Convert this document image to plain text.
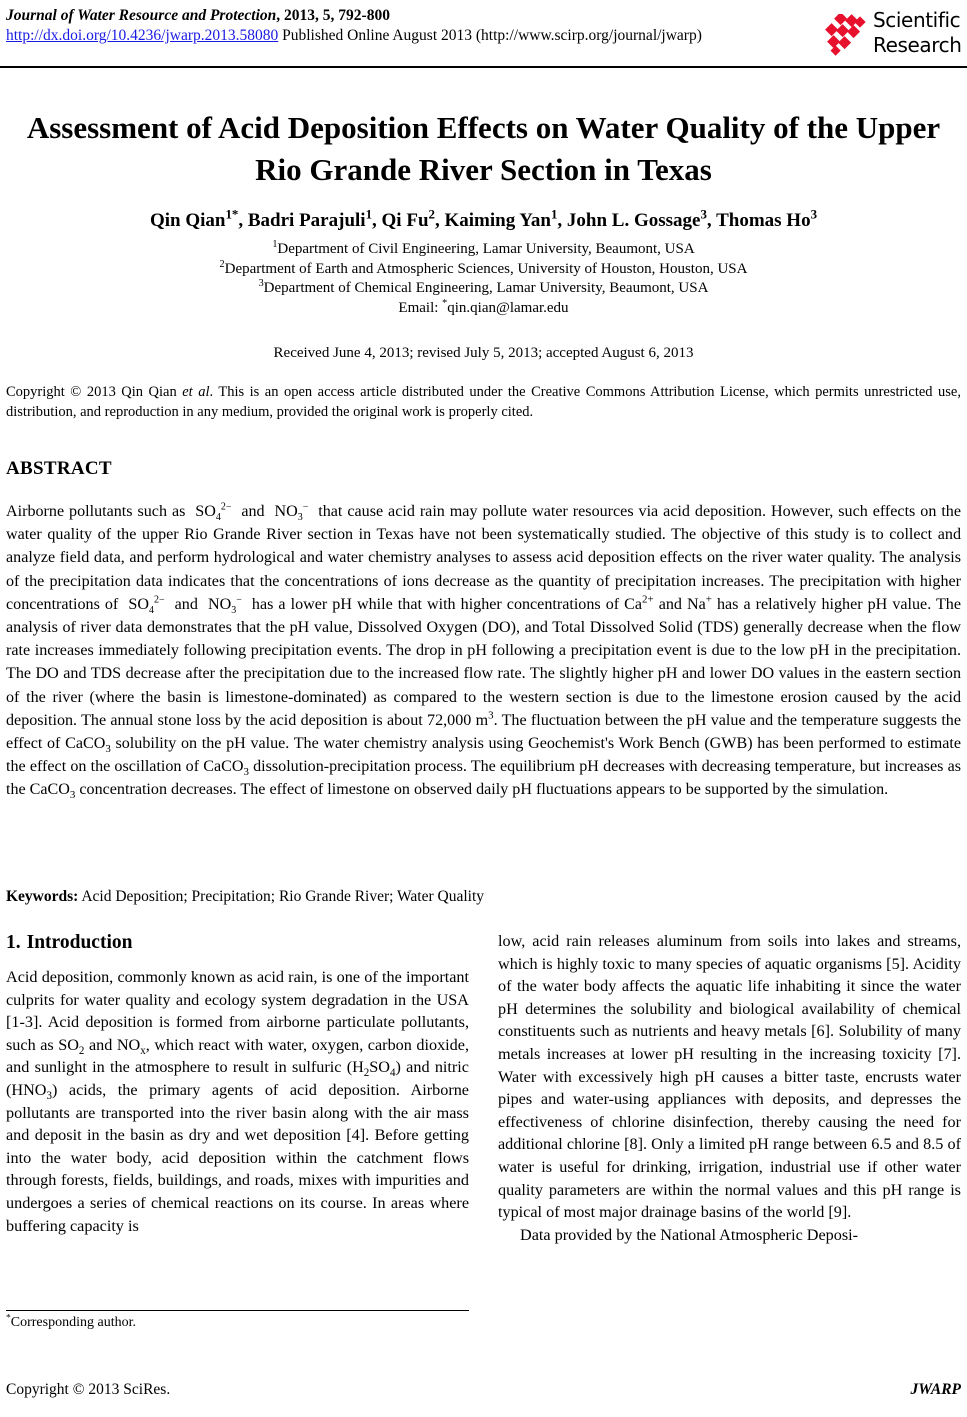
Journal of Water Resource and Protection, 2013, 5, 792-800
http://dx.doi.org/10.4236/jwarp.2013.58080 Published Online August 2013 (http://www.scirp.org/journal/jwarp)
Scientific
Research
Assessment of Acid Deposition Effects on Water Quality of the Upper Rio Grande River Section in Texas
Qin Qian$^{1*}$, Badri Parajuli$^1$, Qi Fu$^2$, Kaiming Yan$^1$, John L. Gossage$^3$, Thomas Ho$^3$
$^1$Department of Civil Engineering, Lamar University, Beaumont, USA
$^2$Department of Earth and Atmospheric Sciences, University of Houston, Houston, USA
$^3$Department of Chemical Engineering, Lamar University, Beaumont, USA
Email: *qin.qian@lamar.edu
Received June 4, 2013; revised July 5, 2013; accepted August 6, 2013
Copyright © 2013 Qin Qian et al. This is an open access article distributed under the Creative Commons Attribution License, which permits unrestricted use, distribution, and reproduction in any medium, provided the original work is properly cited.
ABSTRACT

Airborne pollutants such as  $SO_4^{2-}$  and  $NO_3^-$  that cause acid rain may pollute water resources via acid deposition. However, such effects on the water quality of the upper Rio Grande River section in Texas have not been systematically studied. The objective of this study is to collect and analyze field data, and perform hydrological and water chemistry analyses to assess acid deposition effects on the river water quality. The analysis of the precipitation data indicates that the concentrations of ions decrease as the quantity of precipitation increases. The precipitation with higher concentrations of  $SO_4^{2-}$  and  $NO_3^-$  has a lower pH while that with higher concentrations of $Ca^{2+}$ and Na+ has a relatively higher pH value. The analysis of river data demonstrates that the pH value, Dissolved Oxygen (DO), and Total Dissolved Solid (TDS) generally decrease when the flow rate increases immediately following precipitation events. The drop in pH following a precipitation event is due to the low pH in the precipitation. The DO and TDS decrease after the precipitation due to the increased flow rate. The slightly higher pH and lower DO values in the eastern section of the river (where the basin is limestone-dominated) as compared to the western section is due to the limestone erosion caused by the acid deposition. The annual stone loss by the acid deposition is about 72,000 $m^3$. The fluctuation between the pH value and the temperature suggests the effect of CaCO$_3$ solubility on the pH value. The water chemistry analysis using Geochemist's Work Bench (GWB) has been performed to estimate the effect on the oscillation of CaCO$_3$ dissolution-precipitation process. The equilibrium pH decreases with decreasing temperature, but increases as the CaCO$_3$ concentration decreases. The effect of limestone on observed daily pH fluctuations appears to be supported by the simulation.

Keywords: Acid Deposition; Precipitation; Rio Grande River; Water Quality
1. Introduction

Acid deposition, commonly known as acid rain, is one of the important culprits for water quality and ecology system degradation in the USA [1-3]. Acid deposition is formed from airborne particulate pollutants, such as $SO_2$ and $NO_x$, which react with water, oxygen, carbon dioxide, and sunlight in the atmosphere to result in sulfuric $(H_2SO_4)$ and nitric $(HNO_3)$ acids, the primary agents of acid deposition. Airborne pollutants are transported into the river basin along with the air mass and deposit in the basin as dry and wet deposition [4]. Before getting into the water body, acid deposition within the catchment flows through forests, fields, buildings, and roads, mixes with impurities and undergoes a series of chemical reactions on its course. In areas where buffering capacity is

low, acid rain releases aluminum from soils into lakes and streams, which is highly toxic to many species of aquatic organisms [5]. Acidity of the water body affects the aquatic life inhabiting it since the water pH determines the solubility and biological availability of chemical constituents such as nutrients and heavy metals [6]. Solubility of many metals increases at lower pH resulting in the increasing toxicity [7]. Water with excessively high pH causes a bitter taste, encrusts water pipes and water-using appliances with deposits, and depresses the effectiveness of chlorine disinfection, thereby causing the need for additional chlorine [8]. Only a limited pH range between 6.5 and 8.5 of water is useful for drinking, irrigation, industrial use if other water quality parameters are within the normal values and this pH range is typical of most major drainage basins of the world [9].

Data provided by the National Atmospheric Deposi-

*Corresponding author.
Copyright © 2013 SciRes.	JWARP
